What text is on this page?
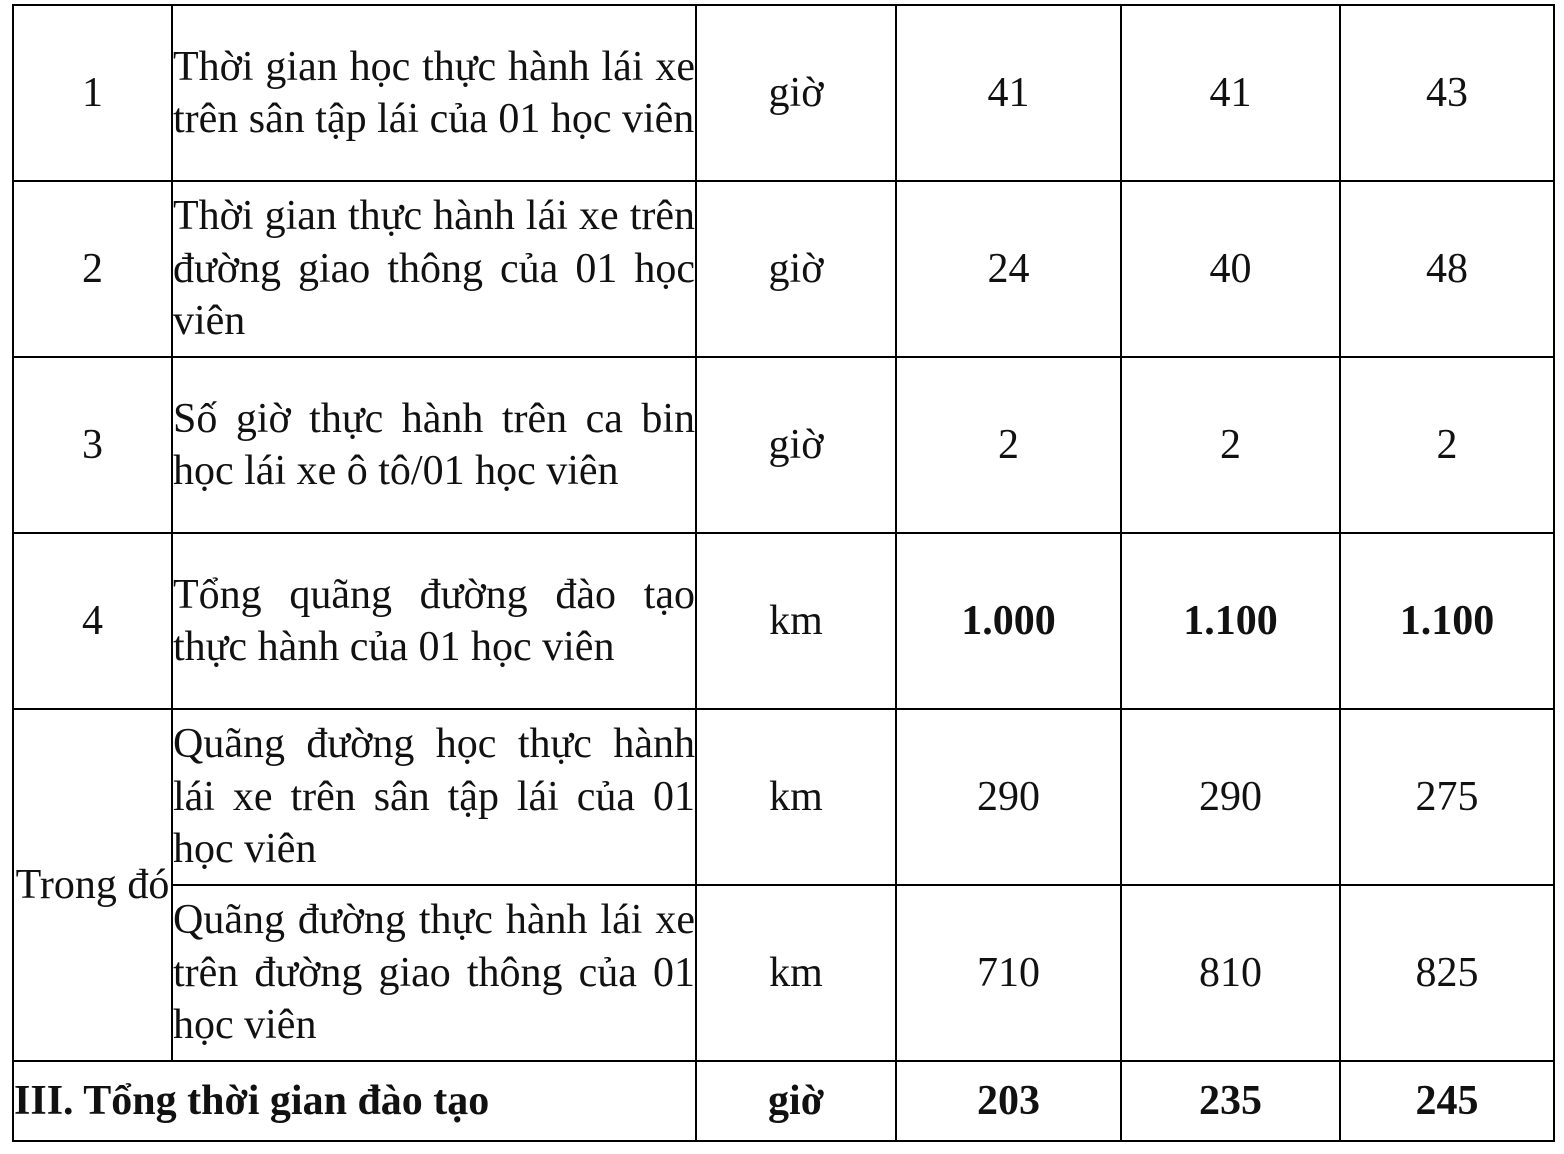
1	Thời gian học thực hành lái xe trên sân tập lái của 01 học viên	giờ	41	41	43
2	Thời gian thực hành lái xe trên đường giao thông của 01 học viên	giờ	24	40	48
3	Số giờ thực hành trên ca bin học lái xe ô tô/01 học viên	giờ	2	2	2
4	Tổng quãng đường đào tạo thực hành của 01 học viên	km	1.000	1.100	1.100
Trong đó	Quãng đường học thực hành lái xe trên sân tập lái của 01 học viên	km	290	290	275
	Quãng đường thực hành lái xe trên đường giao thông của 01 học viên	km	710	810	825
III. Tổng thời gian đào tạo		giờ	203	235	245
